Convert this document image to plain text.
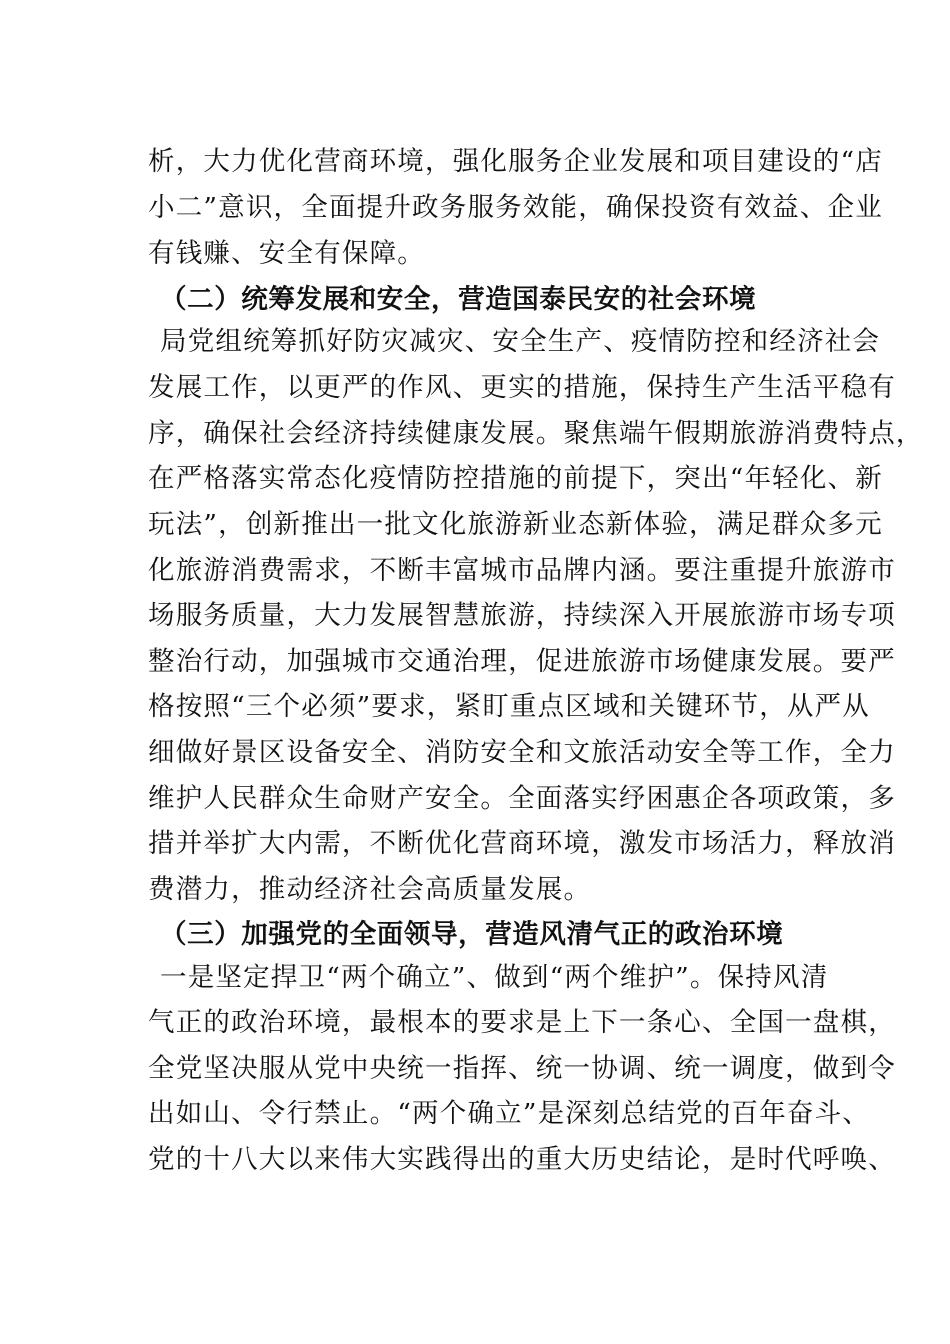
析，大力优化营商环境，强化服务企业发展和项目建设的“店
小二”意识，全面提升政务服务效能，确保投资有效益、企业
有钱赚、安全有保障。
（二）统筹发展和安全，营造国泰民安的社会环境
局党组统筹抓好防灾减灾、安全生产、疫情防控和经济社会
发展工作，以更严的作风、更实的措施，保持生产生活平稳有
序，确保社会经济持续健康发展。聚焦端午假期旅游消费特点，
在严格落实常态化疫情防控措施的前提下，突出“年轻化、新
玩法”，创新推出一批文化旅游新业态新体验，满足群众多元
化旅游消费需求，不断丰富城市品牌内涵。要注重提升旅游市
场服务质量，大力发展智慧旅游，持续深入开展旅游市场专项
整治行动，加强城市交通治理，促进旅游市场健康发展。要严
格按照“三个必须”要求，紧盯重点区域和关键环节，从严从
细做好景区设备安全、消防安全和文旅活动安全等工作，全力
维护人民群众生命财产安全。全面落实纾困惠企各项政策，多
措并举扩大内需，不断优化营商环境，激发市场活力，释放消
费潜力，推动经济社会高质量发展。
（三）加强党的全面领导，营造风清气正的政治环境
一是坚定捍卫“两个确立”、做到“两个维护”。保持风清
气正的政治环境，最根本的要求是上下一条心、全国一盘棋，
全党坚决服从党中央统一指挥、统一协调、统一调度，做到令
出如山、令行禁止。“两个确立”是深刻总结党的百年奋斗、
党的十八大以来伟大实践得出的重大历史结论，是时代呼唤、
